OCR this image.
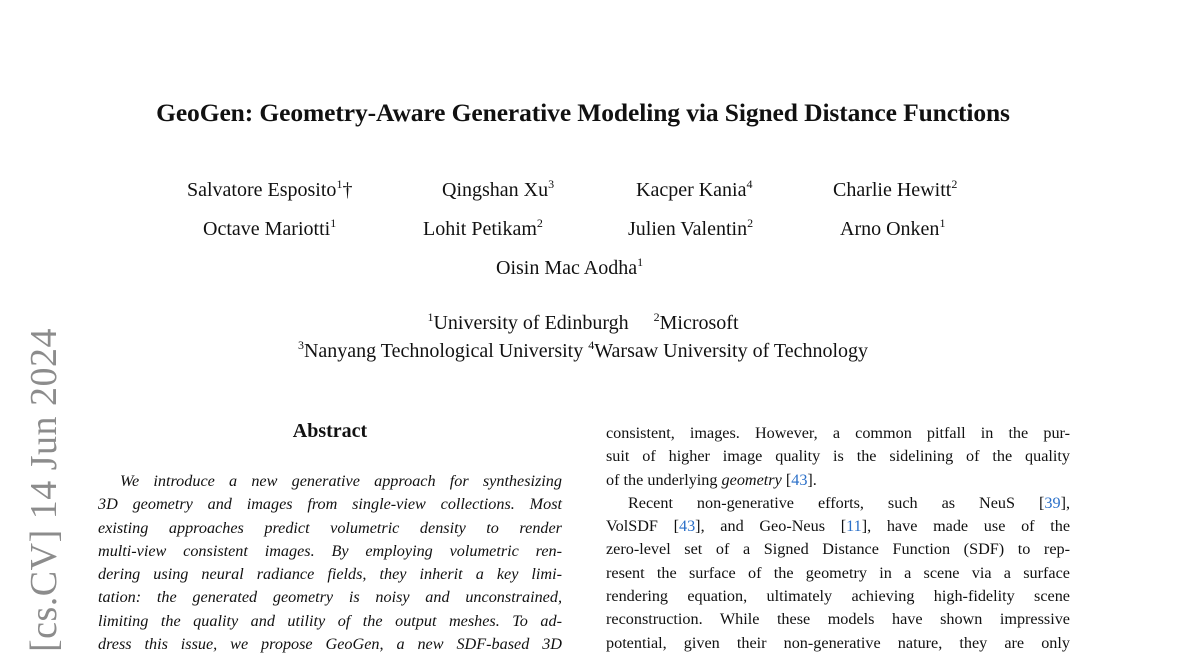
[cs.CV] 14 Jun 2024
GeoGen: Geometry-Aware Generative Modeling via Signed Distance Functions
Salvatore Esposito$^1$†	Qingshan Xu$^3$	Kacper Kania$^4$	Charlie Hewitt$^2$
Octave Mariotti$^1$	Lohit Petikam$^2$	Julien Valentin$^2$	Arno Onken$^1$
Oisin Mac Aodha$^1$
$^1$University of Edinburgh $^2$Microsoft
$^3$Nanyang Technological University $^4$Warsaw University of Technology
Abstract
We introduce a new generative approach for synthesizing
3D geometry and images from single-view collections. Most
existing approaches predict volumetric density to render
multi-view consistent images. By employing volumetric ren-
dering using neural radiance fields, they inherit a key limi-
tation: the generated geometry is noisy and unconstrained,
limiting the quality and utility of the output meshes. To ad-
dress this issue, we propose GeoGen, a new SDF-based 3D
consistent, images. However, a common pitfall in the pur-
suit of higher image quality is the sidelining of the quality
of the underlying geometry [43].
Recent non-generative efforts, such as NeuS [39],
VolSDF [43], and Geo-Neus [11], have made use of the
zero-level set of a Signed Distance Function (SDF) to rep-
resent the surface of the geometry in a scene via a surface
rendering equation, ultimately achieving high-fidelity scene
reconstruction. While these models have shown impressive
potential, given their non-generative nature, they are only
